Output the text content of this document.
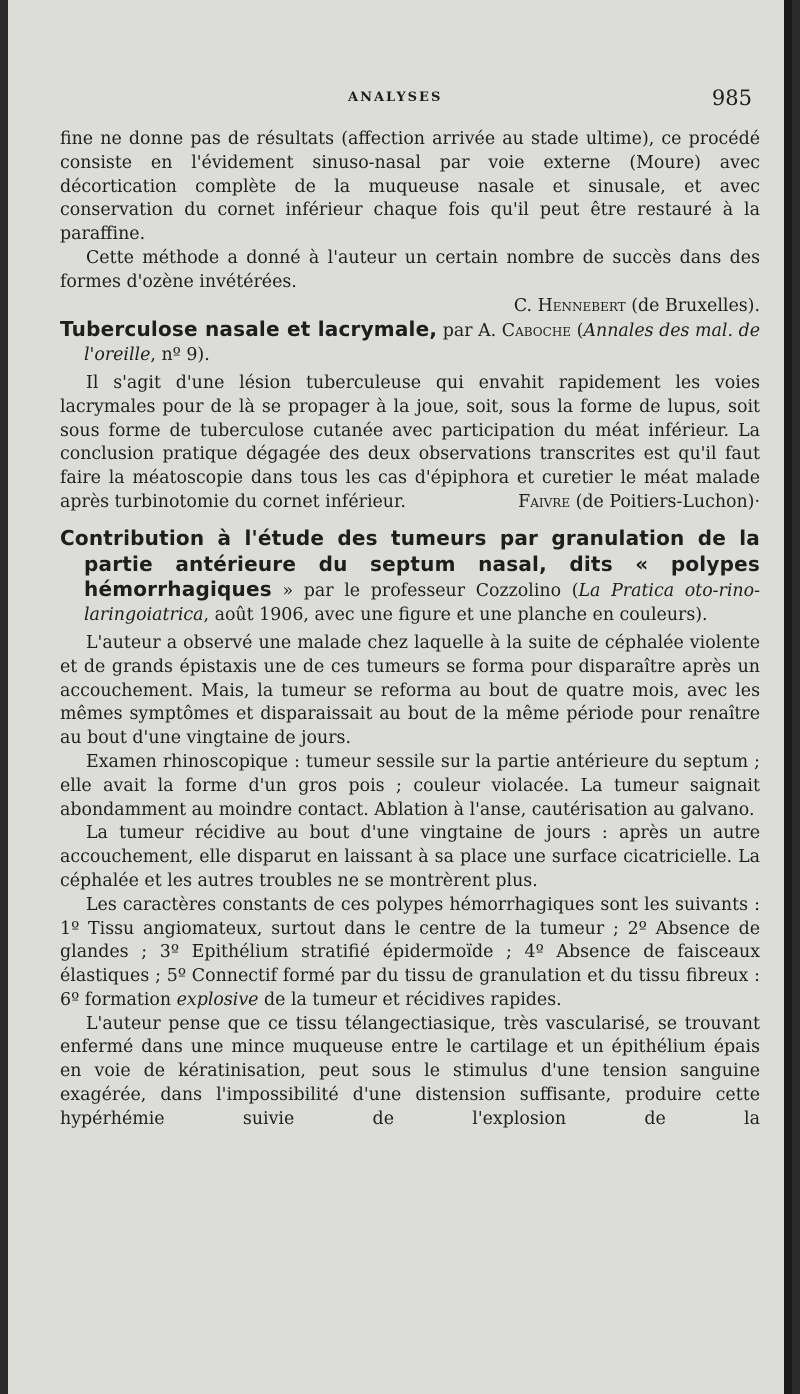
ANALYSES	985

fine ne donne pas de résultats (affection arrivée au stade ultime), ce procédé consiste en l'évidement sinuso-nasal par voie externe (Moure) avec décortication complète de la muqueuse nasale et sinusale, et avec conservation du cornet inférieur chaque fois qu'il peut être restauré à la paraffine.

Cette méthode a donné à l'auteur un certain nombre de succès dans des formes d'ozène invétérées.

C. Hennebert (de Bruxelles).

Tuberculose nasale et lacrymale, par A. Caboche (Annales des mal. de l'oreille, nº 9).

Il s'agit d'une lésion tuberculeuse qui envahit rapidement les voies lacrymales pour de là se propager à la joue, soit, sous la forme de lupus, soit sous forme de tuberculose cutanée avec participation du méat inférieur. La conclusion pratique dégagée des deux observations transcrites est qu'il faut faire la méatoscopie dans tous les cas d'épiphora et curetier le méat malade après turbinotomie du cornet inférieur.	Faivre (de Poitiers-Luchon)·

Contribution à l'étude des tumeurs par granulation de la partie antérieure du septum nasal, dits « polypes hémorrhagiques » par le professeur Cozzolino (La Pratica oto-rino-laringoiatrica, août 1906, avec une figure et une planche en couleurs).

L'auteur a observé une malade chez laquelle à la suite de céphalée violente et de grands épistaxis une de ces tumeurs se forma pour disparaître après un accouchement. Mais, la tumeur se reforma au bout de quatre mois, avec les mêmes symptômes et disparaissait au bout de la même période pour renaître au bout d'une vingtaine de jours.

Examen rhinoscopique : tumeur sessile sur la partie antérieure du septum ; elle avait la forme d'un gros pois ; couleur violacée. La tumeur saignait abondamment au moindre contact. Ablation à l'anse, cautérisation au galvano.

La tumeur récidive au bout d'une vingtaine de jours : après un autre accouchement, elle disparut en laissant à sa place une surface cicatricielle. La céphalée et les autres troubles ne se montrèrent plus.

Les caractères constants de ces polypes hémorrhagiques sont les suivants : 1º Tissu angiomateux, surtout dans le centre de la tumeur ; 2º Absence de glandes ; 3º Epithélium stratifié épidermoïde ; 4º Absence de faisceaux élastiques ; 5º Connectif formé par du tissu de granulation et du tissu fibreux : 6º formation explosive de la tumeur et récidives rapides.

L'auteur pense que ce tissu télangectiasique, très vascularisé, se trouvant enfermé dans une mince muqueuse entre le cartilage et un épithélium épais en voie de kératinisation, peut sous le stimulus d'une tension sanguine exagérée, dans l'impossibilité d'une distension suffisante, produire cette hypérhémie suivie de l'explosion de la
